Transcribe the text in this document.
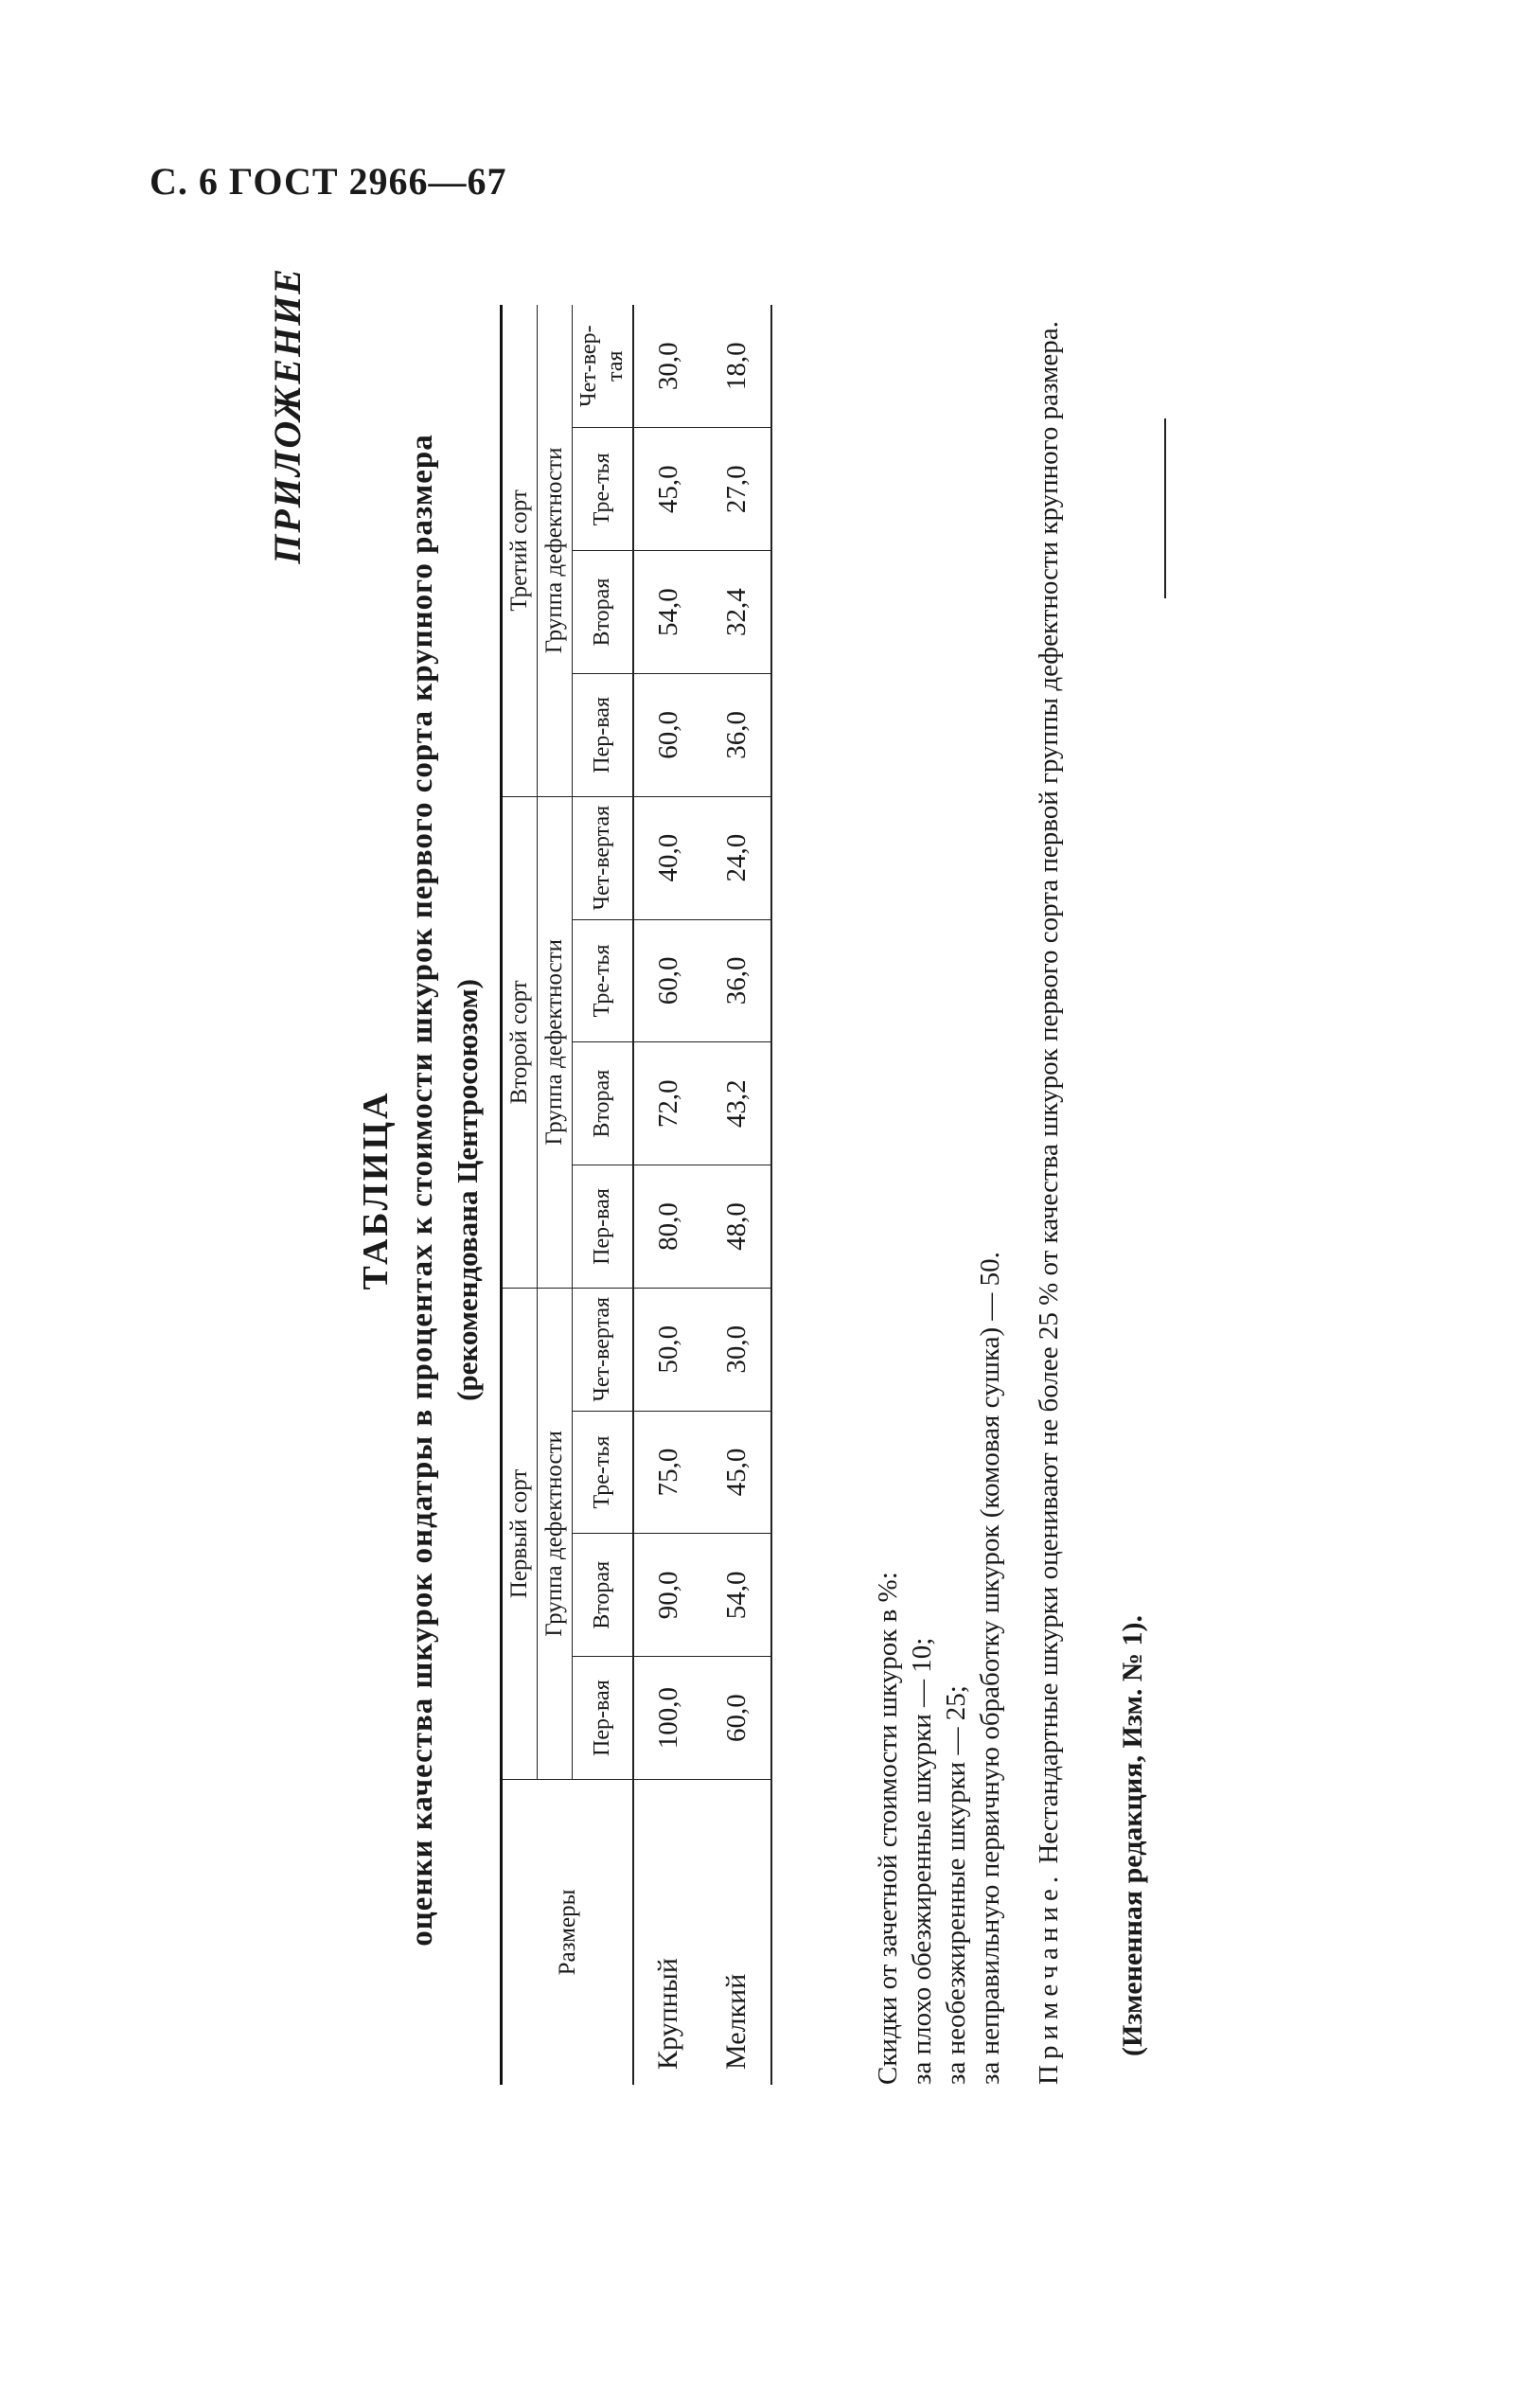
С. 6 ГОСТ 2966—67
ПРИЛОЖЕНИЕ
ТАБЛИЦА оценки качества шкурок ондатры в процентах к стоимости шкурок первого сорта крупного размера (рекомендована Центросоюзом)
Размеры	Первый сорт				Второй сорт				Третий сорт			
	Группа дефектности				Группа дефектности				Группа дефектности			
	Пер-вая	Вторая	Тре-тья	Чет-вертая	Пер-вая	Вторая	Тре-тья	Чет-вертая	Пер-вая	Вторая	Тре-тья	Чет-вер-тая
Крупный	100,0	90,0	75,0	50,0	80,0	72,0	60,0	40,0	60,0	54,0	45,0	30,0
Мелкий	60,0	54,0	45,0	30,0	48,0	43,2	36,0	24,0	36,0	32,4	27,0	18,0
Скидки от зачетной стоимости шкурок в %: за плохо обезжиренные шкурки — 10; за необезжиренные шкурки — 25; за неправильную первичную обработку шкурок (комовая сушка) — 50. Примечание. Нестандартные шкурки оценивают не более 25 % от качества шкурок первого сорта первой группы дефектности крупного размера. (Измененная редакция, Изм. № 1).
